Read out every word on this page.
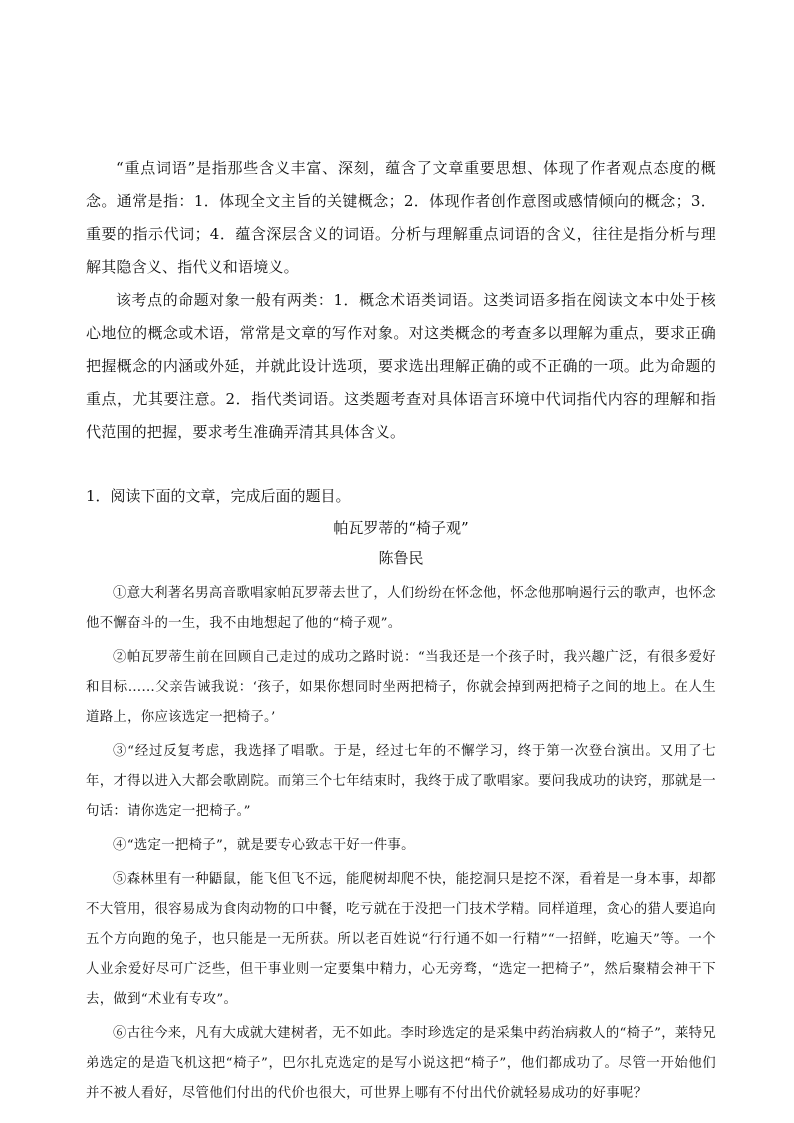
“重点词语”是指那些含义丰富、深刻，蕴含了文章重要思想、体现了作者观点态度的概念。通常是指：1．体现全文主旨的关键概念；2．体现作者创作意图或感情倾向的概念；3．重要的指示代词；4．蕴含深层含义的词语。分析与理解重点词语的含义，往往是指分析与理解其隐含义、指代义和语境义。

该考点的命题对象一般有两类：1．概念术语类词语。这类词语多指在阅读文本中处于核心地位的概念或术语，常常是文章的写作对象。对这类概念的考查多以理解为重点，要求正确把握概念的内涵或外延，并就此设计选项，要求选出理解正确的或不正确的一项。此为命题的重点，尤其要注意。2．指代类词语。这类题考查对具体语言环境中代词指代内容的理解和指代范围的把握，要求考生准确弄清其具体含义。

1．阅读下面的文章，完成后面的题目。
帕瓦罗蒂的“椅子观”
陈鲁民

①意大利著名男高音歌唱家帕瓦罗蒂去世了，人们纷纷在怀念他，怀念他那响遏行云的歌声，也怀念他不懈奋斗的一生，我不由地想起了他的“椅子观”。

②帕瓦罗蒂生前在回顾自己走过的成功之路时说：“当我还是一个孩子时，我兴趣广泛，有很多爱好和目标……父亲告诫我说：‘孩子，如果你想同时坐两把椅子，你就会掉到两把椅子之间的地上。在人生道路上，你应该选定一把椅子。’

③“经过反复考虑，我选择了唱歌。于是，经过七年的不懈学习，终于第一次登台演出。又用了七年，才得以进入大都会歌剧院。而第三个七年结束时，我终于成了歌唱家。要问我成功的诀窍，那就是一句话：请你选定一把椅子。”

④“选定一把椅子”，就是要专心致志干好一件事。

⑤森林里有一种鼯鼠，能飞但飞不远，能爬树却爬不快，能挖洞只是挖不深，看着是一身本事，却都不大管用，很容易成为食肉动物的口中餐，吃亏就在于没把一门技术学精。同样道理，贪心的猎人要追向五个方向跑的兔子，也只能是一无所获。所以老百姓说“行行通不如一行精”“一招鲜，吃遍天”等。一个人业余爱好尽可广泛些，但干事业则一定要集中精力，心无旁骛，“选定一把椅子”，然后聚精会神干下去，做到“术业有专攻”。

⑥古往今来，凡有大成就大建树者，无不如此。李时珍选定的是采集中药治病救人的“椅子”，莱特兄弟选定的是造飞机这把“椅子”，巴尔扎克选定的是写小说这把“椅子”，他们都成功了。尽管一开始他们并不被人看好，尽管他们付出的代价也很大，可世界上哪有不付出代价就轻易成功的好事呢？
